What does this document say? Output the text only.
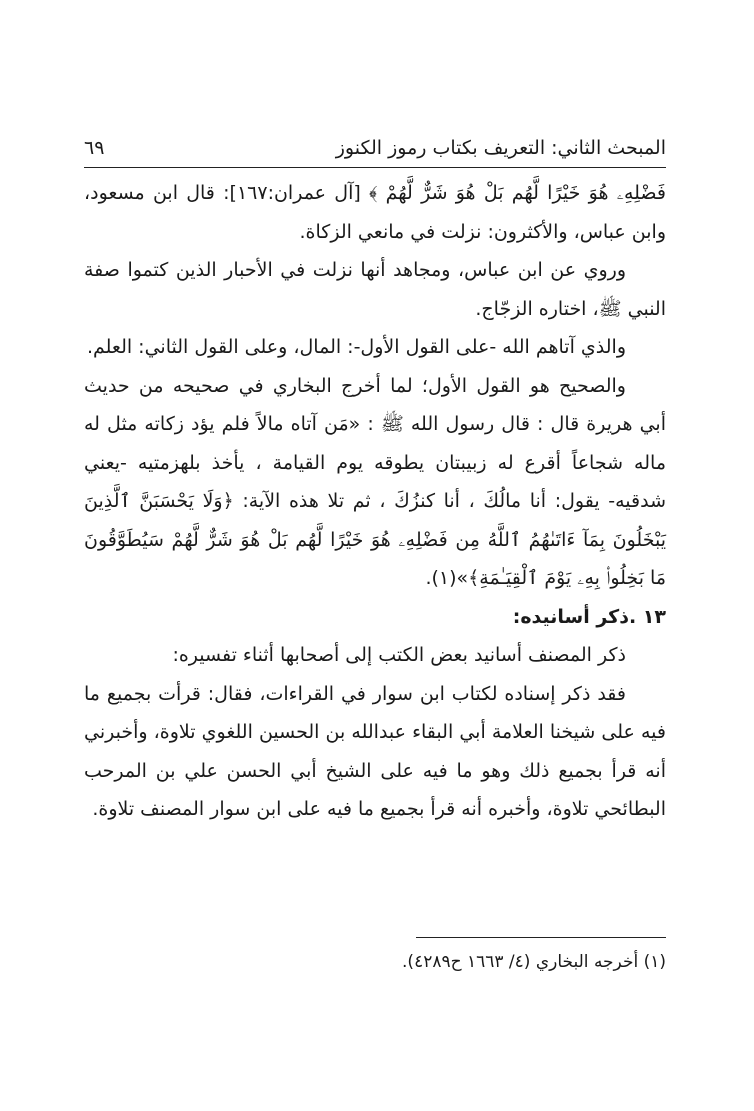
المبحث الثاني: التعريف بكتاب رموز الكنوز
٦٩

فَضْلِهِۦ هُوَ خَيْرًا لَّهُم بَلْ هُوَ شَرٌّ لَّهُمْ ﴾ [آل عمران:١٦٧]: قال ابن مسعود، وابن عباس، والأكثرون: نزلت في مانعي الزكاة.

وروي عن ابن عباس، ومجاهد أنها نزلت في الأحبار الذين كتموا صفة النبي ﷺ، اختاره الزجّاج.

والذي آتاهم الله -على القول الأول-: المال، وعلى القول الثاني: العلم.

والصحيح هو القول الأول؛ لما أخرج البخاري في صحيحه من حديث أبي هريرة قال : قال رسول الله ﷺ : «مَن آتاه مالاً فلم يؤد زكاته مثل له ماله شجاعاً أقرع له زبيبتان يطوقه يوم القيامة ، يأخذ بلهزمتيه -يعني شدقيه- يقول: أنا مالُكَ ، أنا كنزُكَ ، ثم تلا هذه الآية: ﴿وَلَا يَحْسَبَنَّ ٱلَّذِينَ يَبْخَلُونَ بِمَآ ءَاتَىٰهُمُ ٱللَّهُ مِن فَضْلِهِۦ هُوَ خَيْرًا لَّهُم بَلْ هُوَ شَرٌّ لَّهُمْ سَيُطَوَّقُونَ مَا بَخِلُوا۟ بِهِۦ يَوْمَ ٱلْقِيَـٰمَةِ﴾»(١).

١٣ .ذكر أسانيده:

ذكر المصنف أسانيد بعض الكتب إلى أصحابها أثناء تفسيره:

فقد ذكر إسناده لكتاب ابن سوار في القراءات، فقال: قرأت بجميع ما فيه على شيخنا العلامة أبي البقاء عبدالله بن الحسين اللغوي تلاوة، وأخبرني أنه قرأ بجميع ذلك وهو ما فيه على الشيخ أبي الحسن علي بن المرحب البطائحي تلاوة، وأخبره أنه قرأ بجميع ما فيه على ابن سوار المصنف تلاوة.

(١) أخرجه البخاري (٤/ ١٦٦٣ ح٤٢٨٩).
